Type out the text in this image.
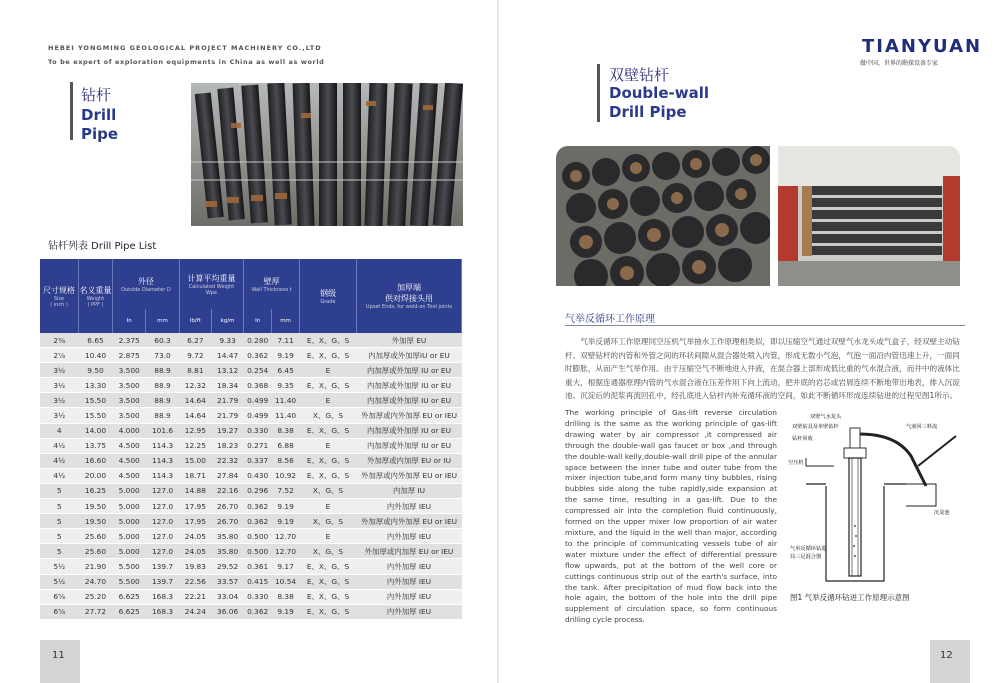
HEBEI YONGMING GEOLOGICAL PROJECT MACHINERY CO.,LTD
To be expert of exploration equipments in China as well as world
钻杆
Drill
Pipe
钻杆列表 Drill Pipe List
尺寸规格
Size
( inch )	名义重量
Weight
( PPF )	外径
Outside Diameter D		计算平均重量
Calculated Weight
Wpe		壁厚
Wall Thickness t		钢级
Grade	加厚端
供对焊接头用
Upset Ends, for weld-on Tool joints

		In	mm	lb/ft	kg/m	In	mm		
2⅜	6.65	2.375	60.3	6.27	9.33	0.280	7.11	E、X、G、S	外加厚 EU
2⅞	10.40	2.875	73.0	9.72	14.47	0.362	9.19	E、X、G、S	内加厚或外加厚IU or EU
3½	9.50	3.500	88.9	8.81	13.12	0.254	6.45	E	内加厚或外加厚 IU or EU
3½	13.30	3.500	88.9	12.32	18.34	0.368	9.35	E、X、G、S	内加厚或外加厚 IU or EU
3½	15.50	3.500	88.9	14.64	21.79	0.499	11.40	E	内加厚或外加厚 IU or EU
3½	15.50	3.500	88.9	14.64	21.79	0.499	11.40	X、G、S	外加厚或内外加厚 EU or IEU
4	14.00	4.000	101.6	12.95	19.27	0.330	8.38	E、X、G、S	内加厚或外加厚 IU or EU
4½	13.75	4.500	114.3	12.25	18.23	0.271	6.88	E	内加厚或外加厚 IU or EU
4½	16.60	4.500	114.3	15.00	22.32	0.337	8.56	E、X、G、S	外加厚或内加厚 EU or IU
4½	20.00	4.500	114.3	18.71	27.84	0.430	10.92	E、X、G、S	外加厚或内外加厚 EU or IEU
5	16.25	5.000	127.0	14.88	22.16	0.296	7.52	X、G、S	内加厚 IU
5	19.50	5.000	127.0	17.95	26.70	0.362	9.19	E	内外加厚 IEU
5	19.50	5.000	127.0	17.95	26.70	0.362	9.19	X、G、S	外加厚或内外加厚 EU or IEU
5	25.60	5.000	127.0	24.05	35.80	0.500	12.70	E	内外加厚 IEU
5	25.60	5.000	127.0	24.05	35.80	0.500	12.70	X、G、S	外加厚或内加厚 EU or IEU
5½	21.90	5.500	139.7	19.83	29.52	0.361	9.17	E、X、G、S	内外加厚 IEU
5½	24.70	5.500	139.7	22.56	33.57	0.415	10.54	E、X、G、S	内外加厚 IEU
6⅝	25.20	6.625	168.3	22.21	33.04	0.330	8.38	E、X、G、S	内外加厚 IEU
6⅝	27.72	6.625	168.3	24.24	36.06	0.362	9.19	E、X、G、S	内外加厚 IEU
11
TIANYUAN
做中国、世界的勘探设备专家
双壁钻杆
Double-wall
Drill Pipe
气举反循环工作原理
气举反循环工作原理同空压机气举抽水工作原理相类似，即以压缩空气通过双壁气水龙头或气盒子，经双壁主动钻杆、双壁钻杆的内管和外管之间的环状间隙从混合器处喷入内管，形成无数小气泡，气泡一面沿内管迅速上升，一面同时膨胀，从而产生气举作用。由于压缩空气不断地进入井液，在混合器上部形成低比重的气水混合液，而井中的液体比重大，根据连通器原理内管的气水混合液在压差作用下向上流动，把井底的岩芯或岩屑连续不断地带出地表，排入沉淀池。沉淀后的泥浆再流回孔中，经孔底进入钻杆内补充循环液的空间，如此不断循环形成连续钻进的过程见图1所示。
The working principle of Gas-lift reverse circulation drilling is the same as the working principle of gas-lift drawing water by air compressor ,it compressed air through the double-wall gas faucet or box ,and through the double-wall kelly,double-wall drill pipe of the annular space between the inner tube and outer tube from the mixer injection tube,and form many tiny bubbles, rising bubbles side along the tube rapidly,side expansion at the same time, resulting in a gas-lift. Due to the compressed air into the completion fluid continuously, formed on the upper mixer low proportion of air water mixture, and the liquid in the well than major, according to the principle of communicating vessels tube of air water mixture under the effect of differential pressure flow upwards, put at the bottom of the well core or cuttings continuous strip out of the earth's surface, into the tank. After precipitation of mud flow back into the hole again, the bottom of the hole into the drill pipe supplement of circulation space, so form continuous drilling cycle process.
双壁气水龙头
双壁钻具及单壁钻杆
钻杆回收
气液回三料流
空压机
沉淀池
气举反循环钻进
局三足混合器
图1 气举反循环钻进工作原理示意图
12
